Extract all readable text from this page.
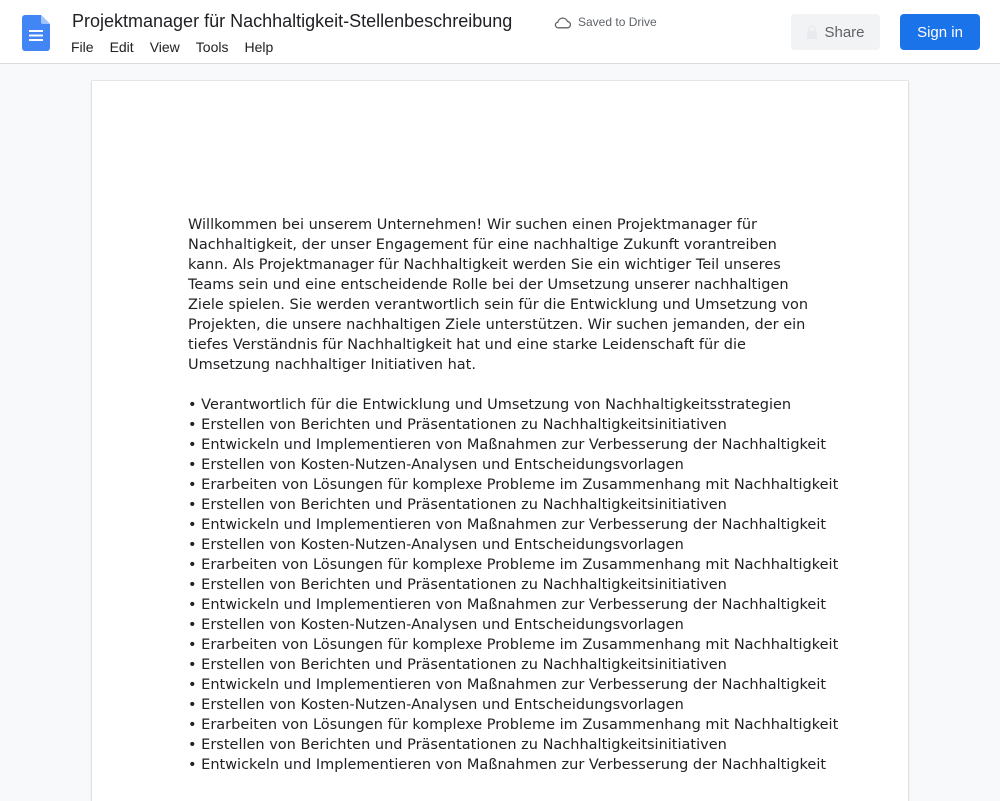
Projektmanager für Nachhaltigkeit-Stellenbeschreibung	Saved to Drive
File	Edit	View	Tools	Help
Share	Sign in

Willkommen bei unserem Unternehmen! Wir suchen einen Projektmanager für Nachhaltigkeit, der unser Engagement für eine nachhaltige Zukunft vorantreiben kann. Als Projektmanager für Nachhaltigkeit werden Sie ein wichtiger Teil unseres Teams sein und eine entscheidende Rolle bei der Umsetzung unserer nachhaltigen Ziele spielen. Sie werden verantwortlich sein für die Entwicklung und Umsetzung von Projekten, die unsere nachhaltigen Ziele unterstützen. Wir suchen jemanden, der ein tiefes Verständnis für Nachhaltigkeit hat und eine starke Leidenschaft für die Umsetzung nachhaltiger Initiativen hat.

• Verantwortlich für die Entwicklung und Umsetzung von Nachhaltigkeitsstrategien
• Erstellen von Berichten und Präsentationen zu Nachhaltigkeitsinitiativen
• Entwickeln und Implementieren von Maßnahmen zur Verbesserung der Nachhaltigkeit
• Erstellen von Kosten-Nutzen-Analysen und Entscheidungsvorlagen
• Erarbeiten von Lösungen für komplexe Probleme im Zusammenhang mit Nachhaltigkeit
• Erstellen von Berichten und Präsentationen zu Nachhaltigkeitsinitiativen
• Entwickeln und Implementieren von Maßnahmen zur Verbesserung der Nachhaltigkeit
• Erstellen von Kosten-Nutzen-Analysen und Entscheidungsvorlagen
• Erarbeiten von Lösungen für komplexe Probleme im Zusammenhang mit Nachhaltigkeit
• Erstellen von Berichten und Präsentationen zu Nachhaltigkeitsinitiativen
• Entwickeln und Implementieren von Maßnahmen zur Verbesserung der Nachhaltigkeit
• Erstellen von Kosten-Nutzen-Analysen und Entscheidungsvorlagen
• Erarbeiten von Lösungen für komplexe Probleme im Zusammenhang mit Nachhaltigkeit
• Erstellen von Berichten und Präsentationen zu Nachhaltigkeitsinitiativen
• Entwickeln und Implementieren von Maßnahmen zur Verbesserung der Nachhaltigkeit
• Erstellen von Kosten-Nutzen-Analysen und Entscheidungsvorlagen
• Erarbeiten von Lösungen für komplexe Probleme im Zusammenhang mit Nachhaltigkeit
• Erstellen von Berichten und Präsentationen zu Nachhaltigkeitsinitiativen
• Entwickeln und Implementieren von Maßnahmen zur Verbesserung der Nachhaltigkeit
